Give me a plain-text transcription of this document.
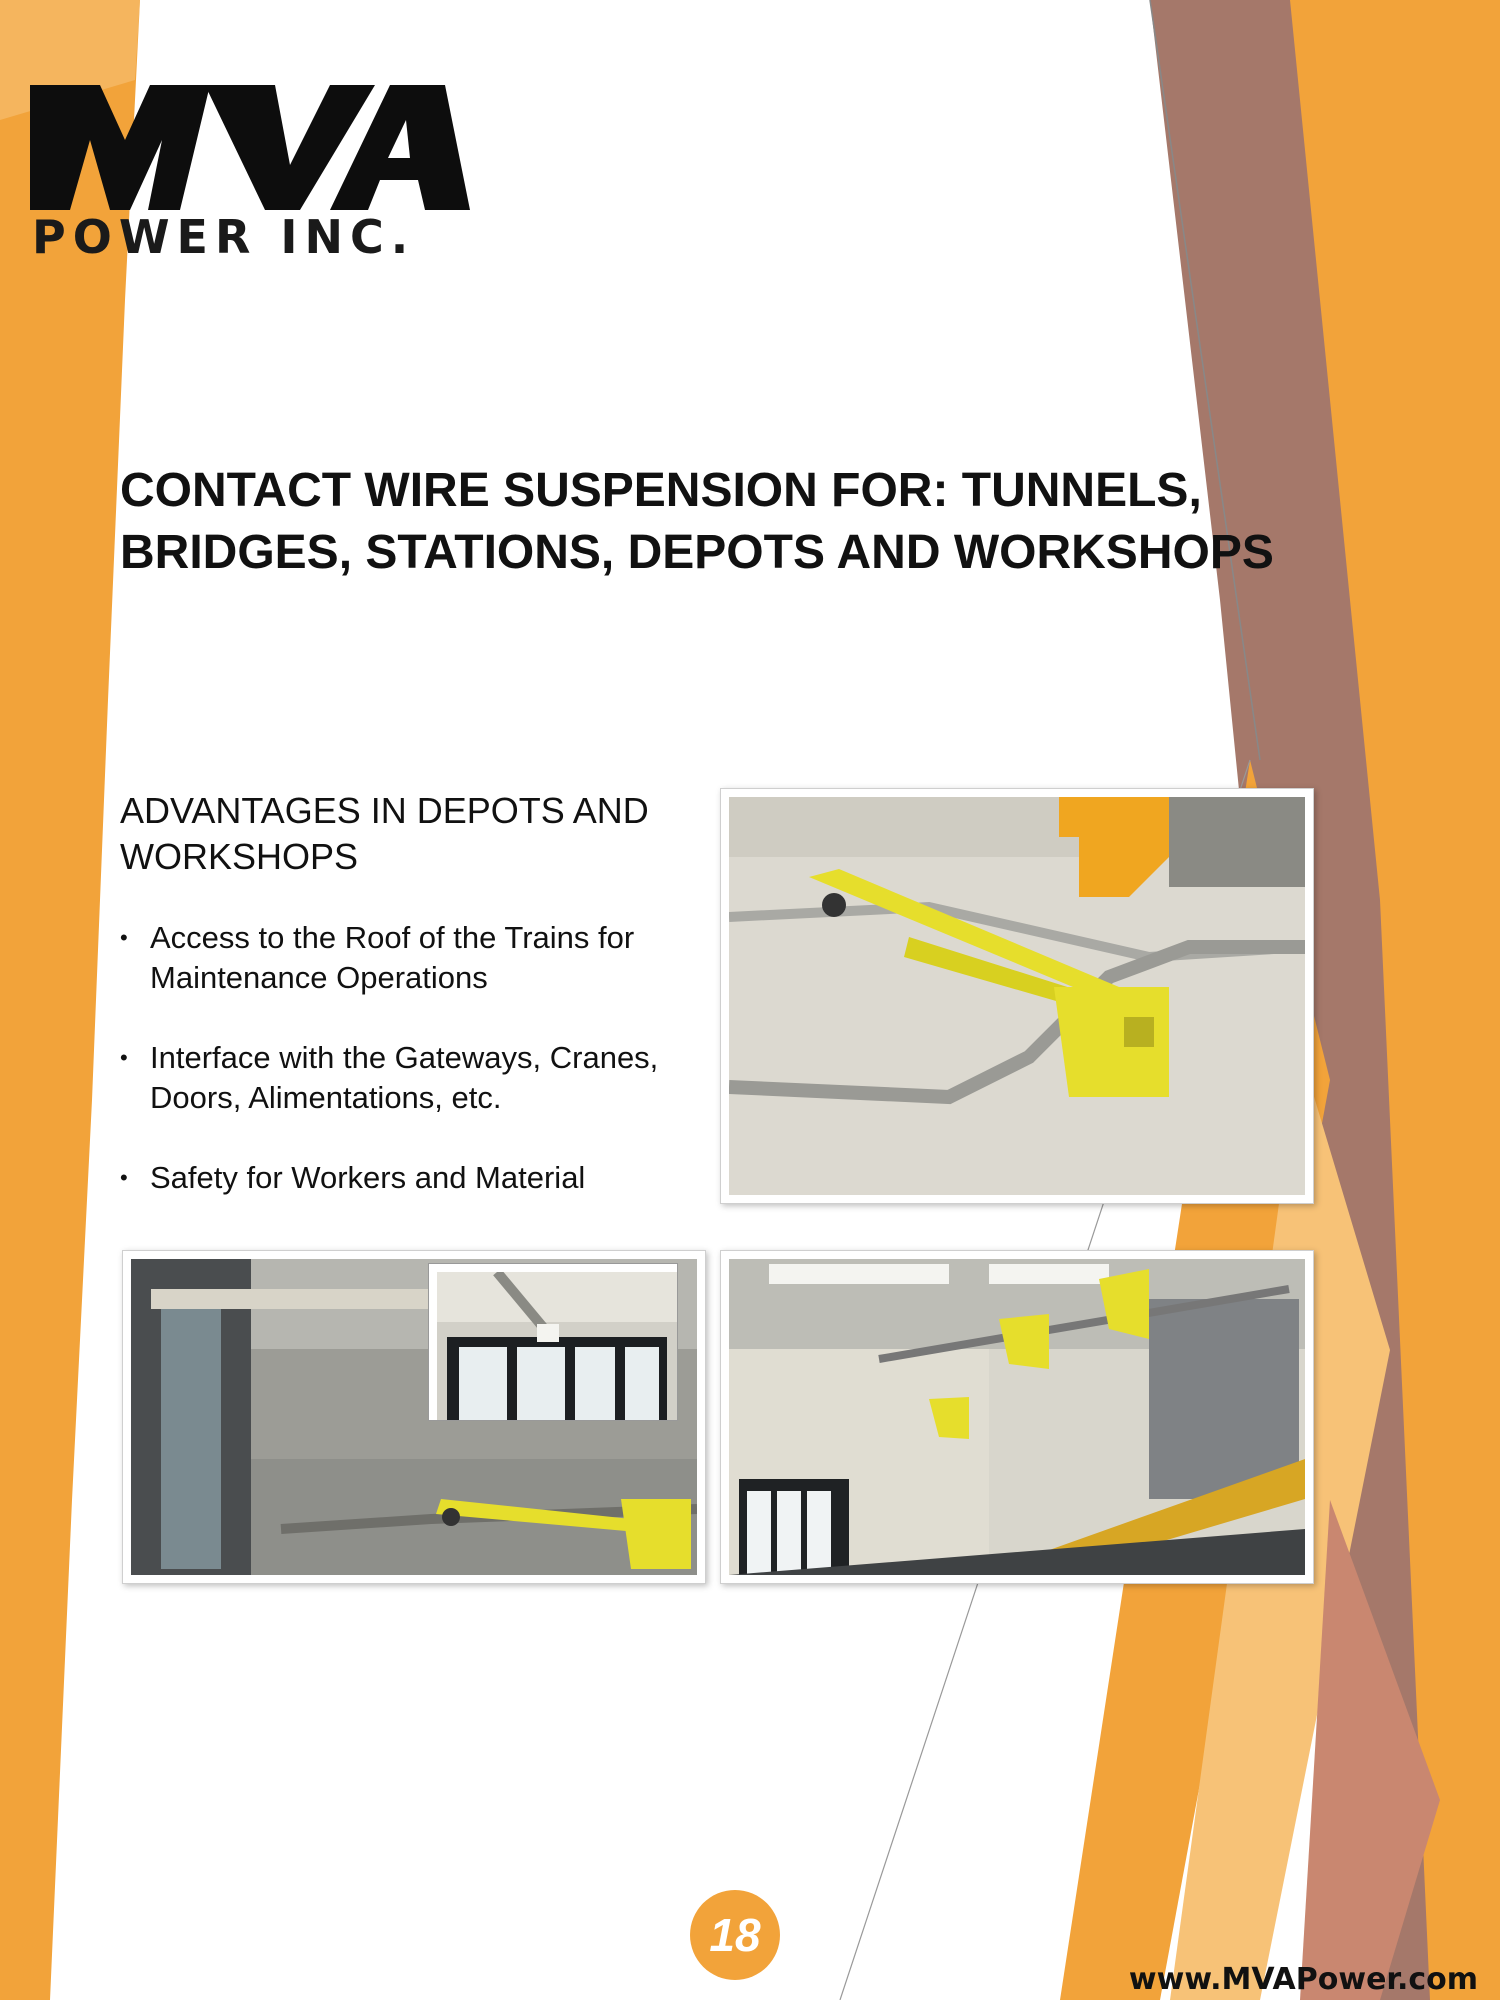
POWER INC.

CONTACT WIRE SUSPENSION FOR: TUNNELS, BRIDGES, STATIONS, DEPOTS AND WORKSHOPS
ADVANTAGES IN DEPOTS AND WORKSHOPS
• Access to the Roof of the Trains for Maintenance Operations
• Interface with the Gateways, Cranes, Doors, Alimentations, etc.
• Safety for Workers and Material
18

www.MVAPower.com
